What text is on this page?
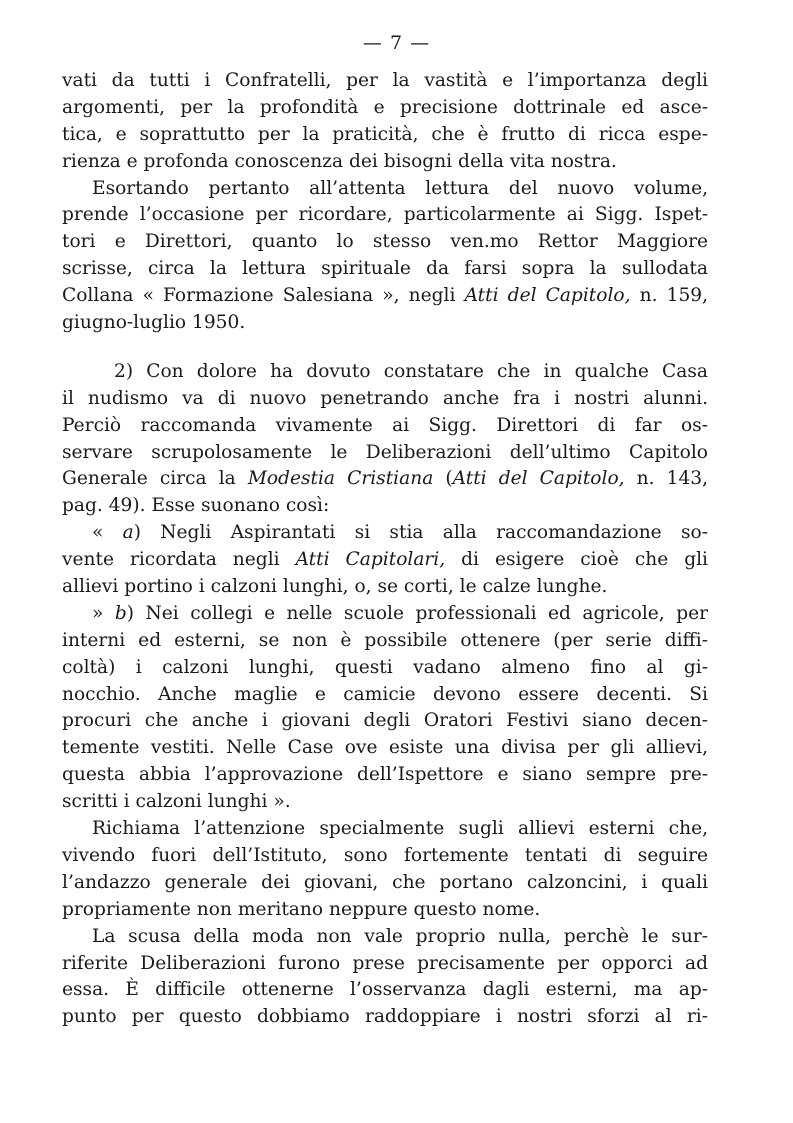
— 7 —
vati da tutti i Confratelli, per la vastità e l’importanza degli
argomenti, per la profondità e precisione dottrinale ed asce-
tica, e soprattutto per la praticità, che è frutto di ricca espe-
rienza e profonda conoscenza dei bisogni della vita nostra.
Esortando pertanto all’attenta lettura del nuovo volume,
prende l’occasione per ricordare, particolarmente ai Sigg. Ispet-
tori e Direttori, quanto lo stesso ven.mo Rettor Maggiore
scrisse, circa la lettura spirituale da farsi sopra la sullodata
Collana « Formazione Salesiana », negli Atti del Capitolo, n. 159,
giugno-luglio 1950.
2) Con dolore ha dovuto constatare che in qualche Casa
il nudismo va di nuovo penetrando anche fra i nostri alunni.
Perciò raccomanda vivamente ai Sigg. Direttori di far os-
servare scrupolosamente le Deliberazioni dell’ultimo Capitolo
Generale circa la Modestia Cristiana (Atti del Capitolo, n. 143,
pag. 49). Esse suonano così:
« a) Negli Aspirantati si stia alla raccomandazione so-
vente ricordata negli Atti Capitolari, di esigere cioè che gli
allievi portino i calzoni lunghi, o, se corti, le calze lunghe.
» b) Nei collegi e nelle scuole professionali ed agricole, per
interni ed esterni, se non è possibile ottenere (per serie diffi-
coltà) i calzoni lunghi, questi vadano almeno fino al gi-
nocchio. Anche maglie e camicie devono essere decenti. Si
procuri che anche i giovani degli Oratori Festivi siano decen-
temente vestiti. Nelle Case ove esiste una divisa per gli allievi,
questa abbia l’approvazione dell’Ispettore e siano sempre pre-
scritti i calzoni lunghi ».
Richiama l’attenzione specialmente sugli allievi esterni che,
vivendo fuori dell’Istituto, sono fortemente tentati di seguire
l’andazzo generale dei giovani, che portano calzoncini, i quali
propriamente non meritano neppure questo nome.
La scusa della moda non vale proprio nulla, perchè le sur-
riferite Deliberazioni furono prese precisamente per opporci ad
essa. È difficile ottenerne l’osservanza dagli esterni, ma ap-
punto per questo dobbiamo raddoppiare i nostri sforzi al ri-
